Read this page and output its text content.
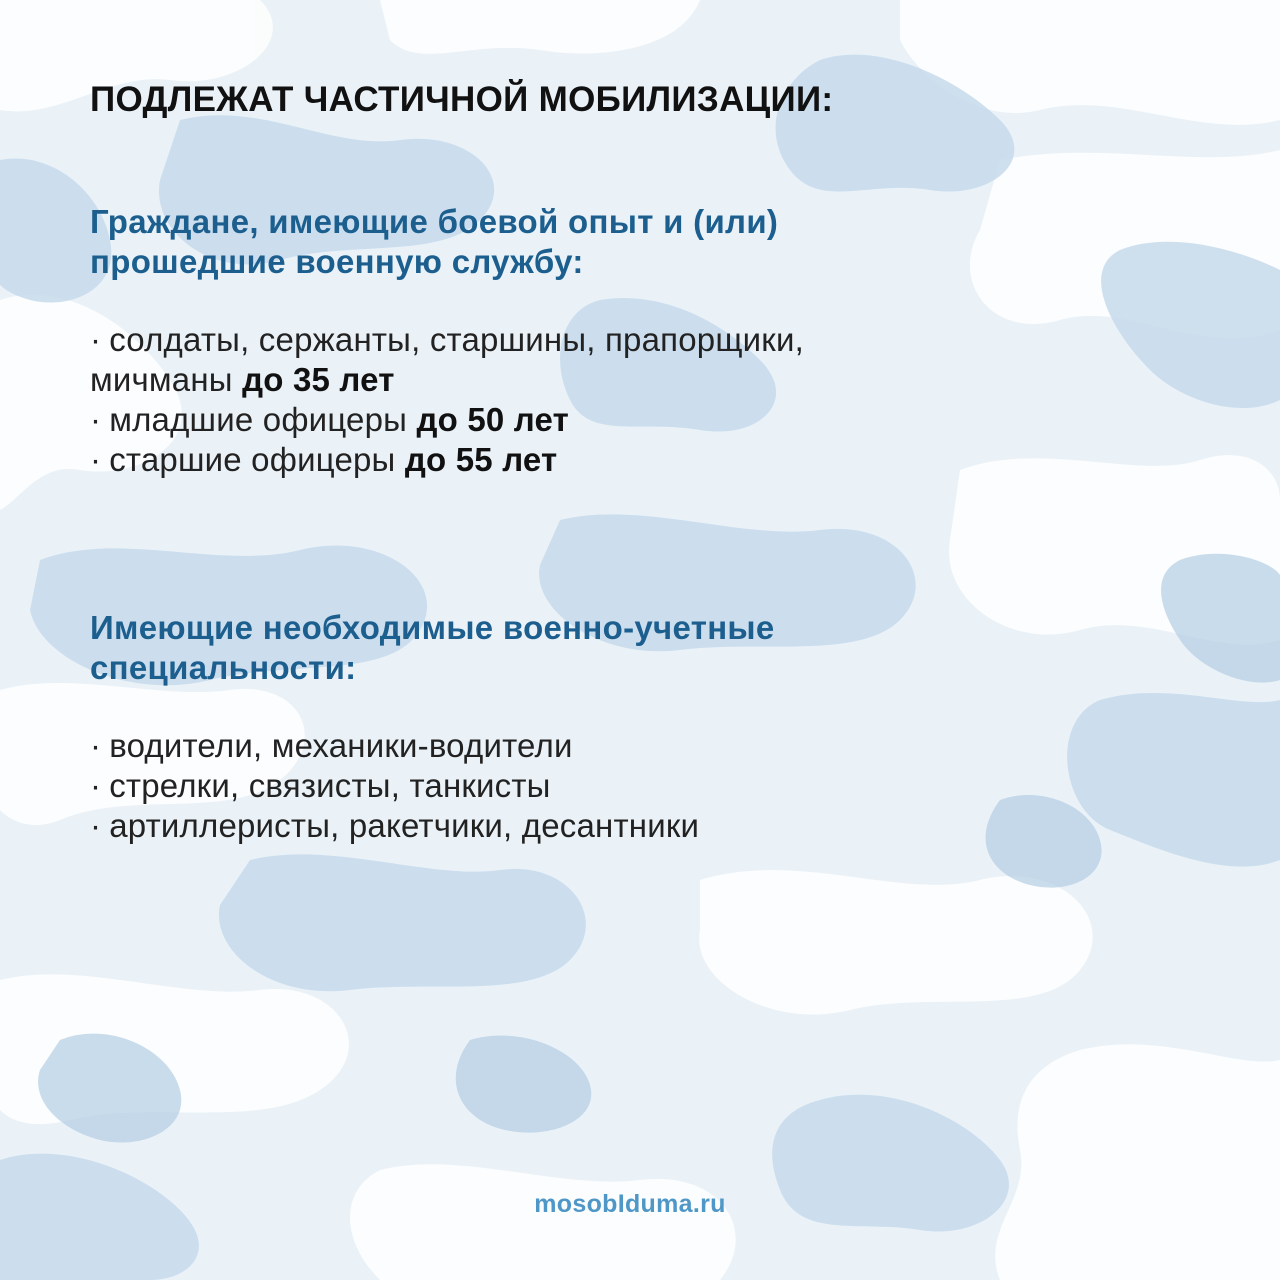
ПОДЛЕЖАТ ЧАСТИЧНОЙ МОБИЛИЗАЦИИ:
Граждане, имеющие боевой опыт и (или)
прошедшие военную службу:
· солдаты, сержанты, старшины, прапорщики,
мичманы до 35 лет
· младшие офицеры до 50 лет
· старшие офицеры до 55 лет
Имеющие необходимые военно-учетные
специальности:
· водители, механики-водители
· стрелки, связисты, танкисты
· артиллеристы, ракетчики, десантники
mosobIduma.ru
